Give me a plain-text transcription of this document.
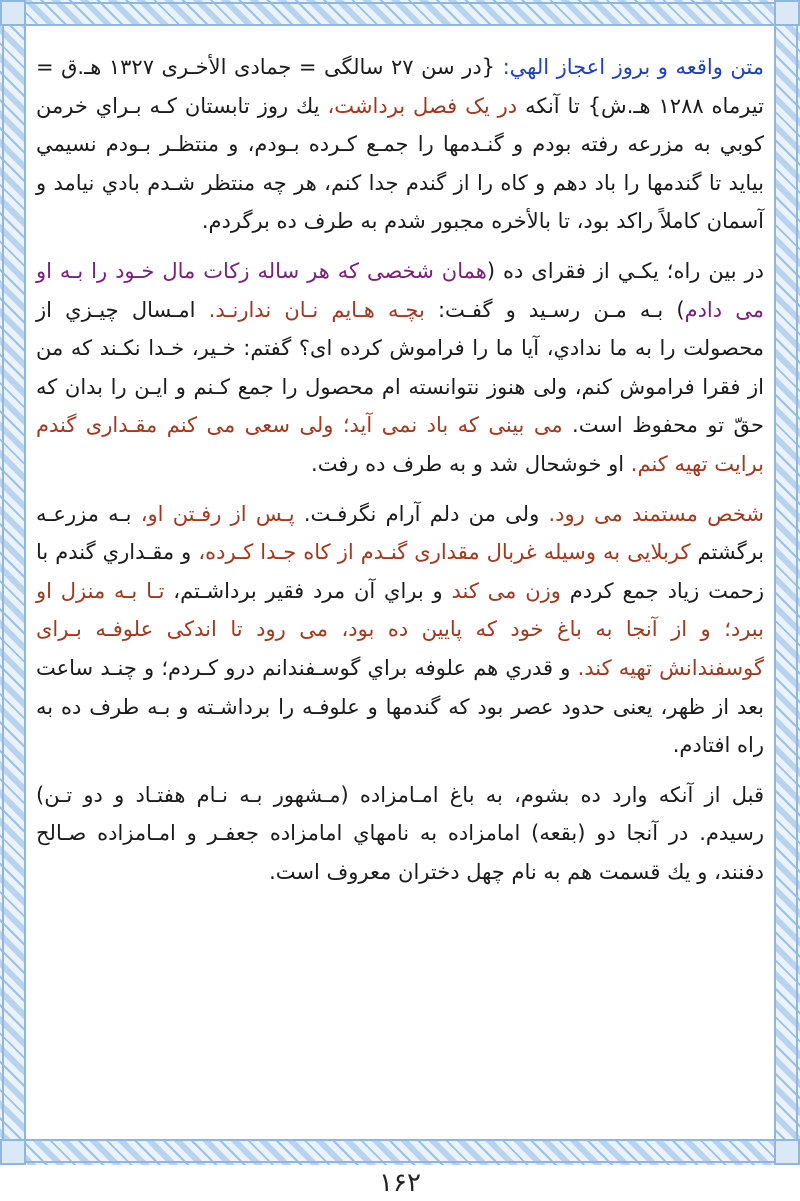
متن واقعه و بروز اعجاز الهي: {در سن ۲۷ سالگی = جمادی الأخـری ۱۳۲۷ هـ.ق = تیرماه ۱۲۸۸ هـ.ش} تا آنكه در یک فصل برداشت، يك روز تابستان كـه بـراي خرمن كوبي به مزرعه رفته بودم و گنـدمها را جمـع كـرده بـودم، و منتظـر بـودم نسيمي بيايد تا گندمها را باد دهم و كاه را از گندم جدا كنم، هر چه منتظر شـدم بادي نيامد و آسمان كاملاً راكد بود، تا بالأخره مجبور شدم به طرف ده برگردم.

در بين راه؛ يكـي از فقراى ده (همان شخصی که هر ساله زکات مال خـود را بـه او می دادم) بـه مـن رسـيد و گفـت: بچـه هـايم نـان ندارنـد. امـسال چيـزي از محصولت را به ما ندادي، آيا ما را فراموش كرده اى؟ گفتم: خـير، خـدا نكـند كه من از فقرا فراموش كنم، ولى هنوز نتوانسته ام محصول را جمع كـنم و ايـن را بدان كه حقّ تو محفوظ است. می بینی که باد نمی آید؛ ولی سعی می کنم مقـداری گندم برایت تهیه کنم. او خوشحال شد و به طرف ده رفت.

شخص مستمند می رود. ولی من دلم آرام نگرفـت. پـس از رفـتن او، بـه مزرعـه برگشتم کربلایی به وسیله غربال مقداری گنـدم از کاه جـدا کـرده، و مقـداري گندم با زحمت زياد جمع كردم وزن می کند و براي آن مرد فقير برداشـتم، تـا بـه منزل او ببرد؛ و از آنجا به باغ خود که پایین ده بود، می رود تا اندکی علوفـه بـرای گوسفندانش تهیه کند. و قدري هم علوفه براي گوسـفندانم درو كـردم؛ و چنـد ساعت بعد از ظهر، يعنى حدود عصر بود كه گندمها و علوفـه را برداشـته و بـه طرف ده به راه افتادم.

قبل از آنكه وارد ده بشوم، به باغ امـامزاده (مـشهور بـه نـام هفتـاد و دو تـن) رسيدم. در آنجا دو (بقعه) امامزاده به نامهاي امامزاده جعفـر و امـامزاده صـالح دفنند، و يك قسمت هم به نام چهل دختران معروف است.

۱۶۲
